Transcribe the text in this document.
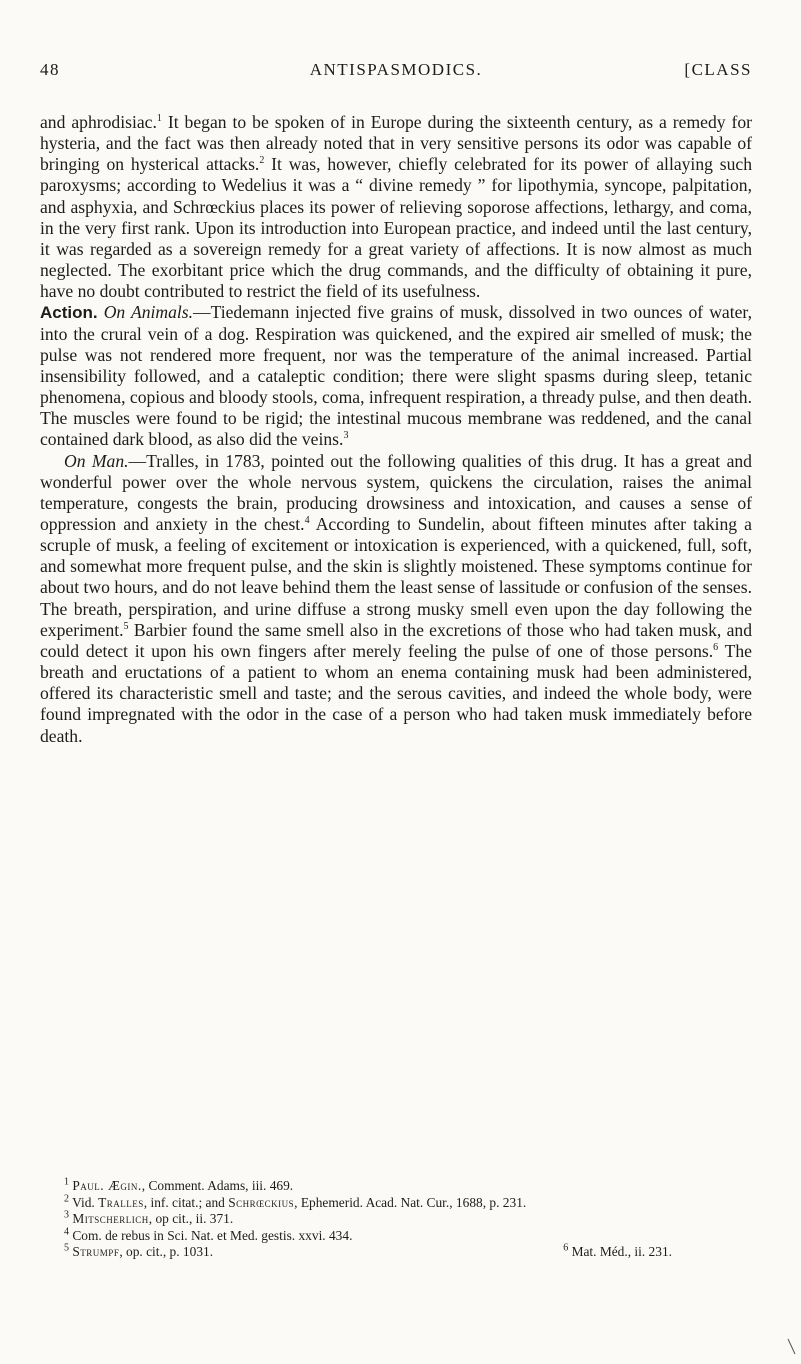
48	ANTISPASMODICS.	[CLASS

and aphrodisiac.$^1$ It began to be spoken of in Europe during the sixteenth century, as a remedy for hysteria, and the fact was then already noted that in very sensitive persons its odor was capable of bringing on hysterical attacks.$^2$ It was, however, chiefly celebrated for its power of allaying such paroxysms; according to Wedelius it was a “ divine remedy ” for lipothymia, syncope, palpitation, and asphyxia, and Schrœckius places its power of relieving soporose affections, lethargy, and coma, in the very first rank. Upon its introduction into European practice, and indeed until the last century, it was regarded as a sovereign remedy for a great variety of affections. It is now almost as much neglected. The exorbitant price which the drug commands, and the difficulty of obtaining it pure, have no doubt contributed to restrict the field of its usefulness.

Action. On Animals.—Tiedemann injected five grains of musk, dissolved in two ounces of water, into the crural vein of a dog. Respiration was quickened, and the expired air smelled of musk; the pulse was not rendered more frequent, nor was the temperature of the animal increased. Partial insensibility followed, and a cataleptic condition; there were slight spasms during sleep, tetanic phenomena, copious and bloody stools, coma, infrequent respiration, a thready pulse, and then death. The muscles were found to be rigid; the intestinal mucous membrane was reddened, and the canal contained dark blood, as also did the veins.$^3$

On Man.—Tralles, in 1783, pointed out the following qualities of this drug. It has a great and wonderful power over the whole nervous system, quickens the circulation, raises the animal temperature, congests the brain, producing drowsiness and intoxication, and causes a sense of oppression and anxiety in the chest.$^4$ According to Sundelin, about fifteen minutes after taking a scruple of musk, a feeling of excitement or intoxication is experienced, with a quickened, full, soft, and somewhat more frequent pulse, and the skin is slightly moistened. These symptoms continue for about two hours, and do not leave behind them the least sense of lassitude or confusion of the senses. The breath, perspiration, and urine diffuse a strong musky smell even upon the day following the experiment.$^5$ Barbier found the same smell also in the excretions of those who had taken musk, and could detect it upon his own fingers after merely feeling the pulse of one of those persons.$^6$ The breath and eructations of a patient to whom an enema containing musk had been administered, offered its characteristic smell and taste; and the serous cavities, and indeed the whole body, were found impregnated with the odor in the case of a person who had taken musk immediately before death.

$^1$ Paul. Ægin., Comment. Adams, iii. 469.

$^2$ Vid. Tralles, inf. citat.; and Schrœckius, Ephemerid. Acad. Nat. Cur., 1688, p. 231.

$^3$ Mitscherlich, op cit., ii. 371.

$^4$ Com. de rebus in Sci. Nat. et Med. gestis. xxvi. 434.

$^5$ Strumpf, op. cit., p. 1031.	$^6$ Mat. Méd., ii. 231.
